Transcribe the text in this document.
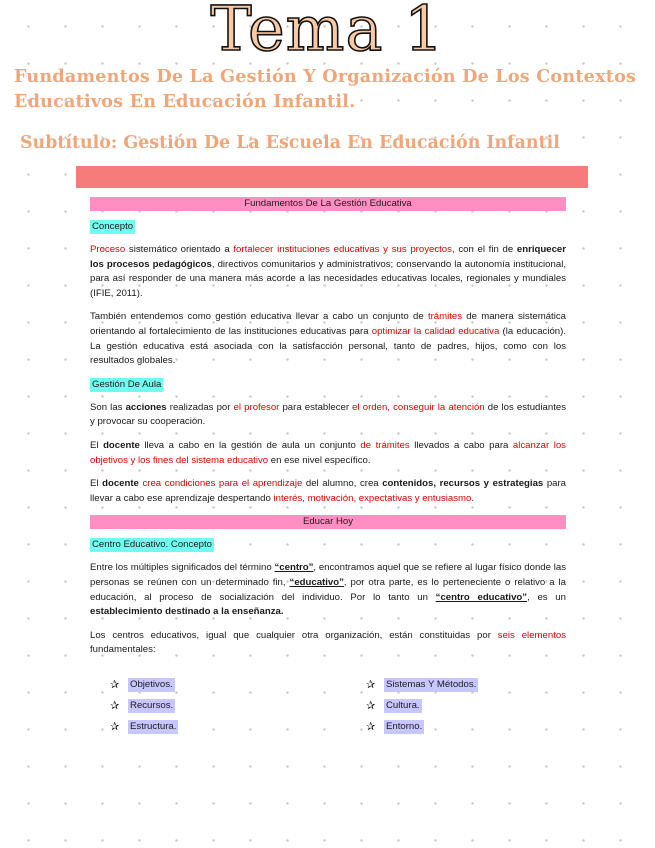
Tema 1
Fundamentos De La Gestión Y Organización De Los Contextos Educativos En Educación Infantil.
Subtítulo: Gestión De La Escuela En Educación Infantil
Fundamentos De La Gestión Educativa
Concepto

Proceso sistemático orientado a fortalecer instituciones educativas y sus proyectos, con el fin de enriquecer los procesos pedagógicos, directivos comunitarios y administrativos; conservando la autonomía institucional, para así responder de una manera más acorde a las necesidades educativas locales, regionales y mundiales (IFIE, 2011).

También entendemos como gestión educativa llevar a cabo un conjunto de trámites de manera sistemática orientando al fortalecimiento de las instituciones educativas para optimizar la calidad educativa (la educación). La gestión educativa está asociada con la satisfacción personal, tanto de padres, hijos, como con los resultados globales.

Gestión De Aula

Son las acciones realizadas por el profesor para establecer el orden, conseguir la atención de los estudiantes y provocar su cooperación.

El docente lleva a cabo en la gestión de aula un conjunto de trámites llevados a cabo para alcanzar los objetivos y los fines del sistema educativo en ese nivel específico.

El docente crea condiciones para el aprendizaje del alumno, crea contenidos, recursos y estrategias para llevar a cabo ese aprendizaje despertando interés, motivación, expectativas y entusiasmo.

Educar Hoy
Centro Educativo. Concepto

Entre los múltiples significados del término “centro”, encontramos aquel que se refiere al lugar físico donde las personas se reúnen con un determinado fin, “educativo”, por otra parte, es lo perteneciente o relativo a la educación, al proceso de socialización del individuo. Por lo tanto un “centro educativo”, es un establecimiento destinado a la enseñanza.

Los centros educativos, igual que cualquier otra organización, están constituidas por seis elementos fundamentales:

✰	Objetivos.	✰	Sistemas Y Métodos.
✰	Recursos.	✰	Cultura.
✰	Estructura.	✰	Entorno.
